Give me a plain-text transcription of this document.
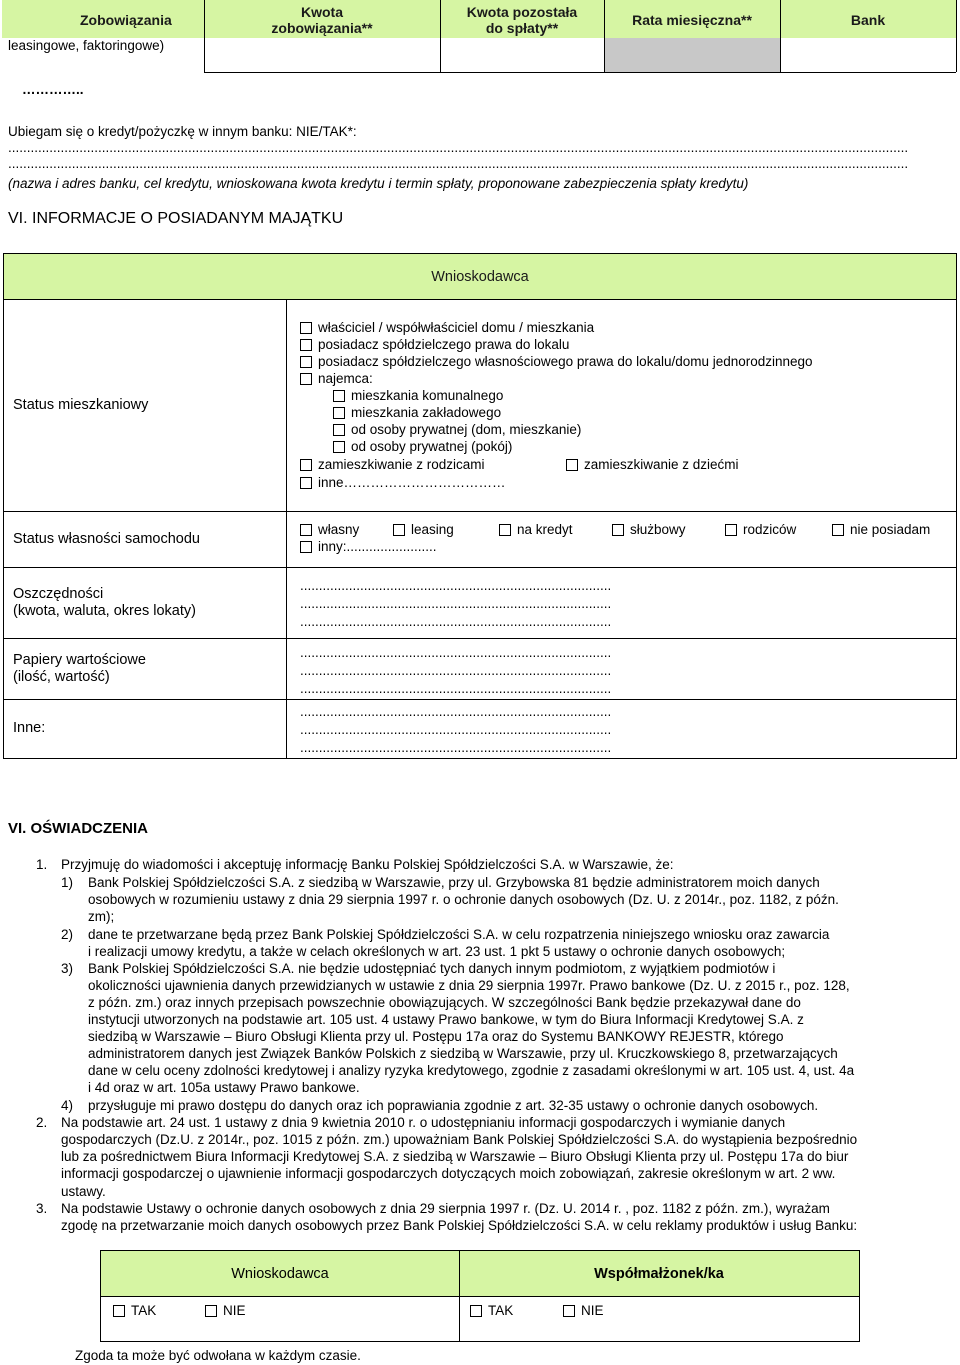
Zobowiązania	Kwota
zobowiązania**
Kwota pozostała
do spłaty**	Rata miesięczna**	Bank
leasingowe, faktoringowe)
…………..
Ubiegam się o kredyt/pożyczkę w innym banku: NIE/TAK*:
................................................................................................................................................................................................................................................
................................................................................................................................................................................................................................................
(nazwa i adres banku, cel kredytu, wnioskowana kwota kredytu i termin spłaty, proponowane zabezpieczenia spłaty kredytu)
VI. INFORMACJE O POSIADANYM MAJĄTKU
Wnioskodawca
Status mieszkaniowy
właściciel / współwłaściciel domu / mieszkania
posiadacz spółdzielczego prawa do lokalu
posiadacz spółdzielczego własnościowego prawa do lokalu/domu jednorodzinnego
najemca:
mieszkania komunalnego
mieszkania zakładowego
od osoby prywatnej (dom, mieszkanie)
od osoby prywatnej (pokój)
zamieszkiwanie z rodzicami	zamieszkiwanie z dziećmi
inne………………………………
Status własności samochodu
własny	leasing	na kredyt	służbowy	rodziców	nie posiadam
inny:........................
Oszczędności
(kwota, waluta, okres lokaty)
...................................................................................
...................................................................................
...................................................................................
Papiery wartościowe
(ilość, wartość)
...................................................................................
...................................................................................
...................................................................................
Inne:
...................................................................................
...................................................................................
...................................................................................
VI. OŚWIADCZENIA
1. Przyjmuję do wiadomości i akceptuję informację Banku Polskiej Spółdzielczości S.A. w Warszawie, że:
1) Bank Polskiej Spółdzielczości S.A. z siedzibą w Warszawie, przy ul. Grzybowska 81 będzie administratorem moich danych
osobowych w rozumieniu ustawy z dnia 29 sierpnia 1997 r. o ochronie danych osobowych (Dz. U. z 2014r., poz. 1182, z późn.
zm);
2) dane te przetwarzane będą przez Bank Polskiej Spółdzielczości S.A. w celu rozpatrzenia niniejszego wniosku oraz zawarcia
i realizacji umowy kredytu, a także w celach określonych w art. 23 ust. 1 pkt 5 ustawy o ochronie danych osobowych;
3) Bank Polskiej Spółdzielczości S.A. nie będzie udostępniać tych danych innym podmiotom, z wyjątkiem podmiotów i
okoliczności ujawnienia danych przewidzianych w ustawie z dnia 29 sierpnia 1997r. Prawo bankowe (Dz. U. z 2015 r., poz. 128,
z późn. zm.) oraz innych przepisach powszechnie obowiązujących. W szczególności Bank będzie przekazywał dane do
instytucji utworzonych na podstawie art. 105 ust. 4 ustawy Prawo bankowe, w tym do Biura Informacji Kredytowej S.A. z
siedzibą w Warszawie – Biuro Obsługi Klienta przy ul. Postępu 17a oraz do Systemu BANKOWY REJESTR, którego
administratorem danych jest Związek Banków Polskich z siedzibą w Warszawie, przy ul. Kruczkowskiego 8, przetwarzających
dane w celu oceny zdolności kredytowej i analizy ryzyka kredytowego, zgodnie z zasadami określonymi w art. 105 ust. 4, ust. 4a
i 4d oraz w art. 105a ustawy Prawo bankowe.
4) przysługuje mi prawo dostępu do danych oraz ich poprawiania zgodnie z art. 32-35 ustawy o ochronie danych osobowych.
2. Na podstawie art. 24 ust. 1 ustawy z dnia 9 kwietnia 2010 r. o udostępnianiu informacji gospodarczych i wymianie danych
gospodarczych (Dz.U. z 2014r., poz. 1015 z późn. zm.) upoważniam Bank Polskiej Spółdzielczości S.A. do wystąpienia bezpośrednio
lub za pośrednictwem Biura Informacji Kredytowej S.A. z siedzibą w Warszawie – Biuro Obsługi Klienta przy ul. Postępu 17a do biur
informacji gospodarczej o ujawnienie informacji gospodarczych dotyczących moich zobowiązań, zakresie określonym w art. 2 ww.
ustawy.
3. Na podstawie Ustawy o ochronie danych osobowych z dnia 29 sierpnia 1997 r. (Dz. U. 2014 r. , poz. 1182 z późn. zm.), wyrażam
zgodę na przetwarzanie moich danych osobowych przez Bank Polskiej Spółdzielczości S.A. w celu reklamy produktów i usług Banku:
Wnioskodawca	Współmałżonek/ka
TAK	NIE	TAK	NIE
Zgoda ta może być odwołana w każdym czasie.
